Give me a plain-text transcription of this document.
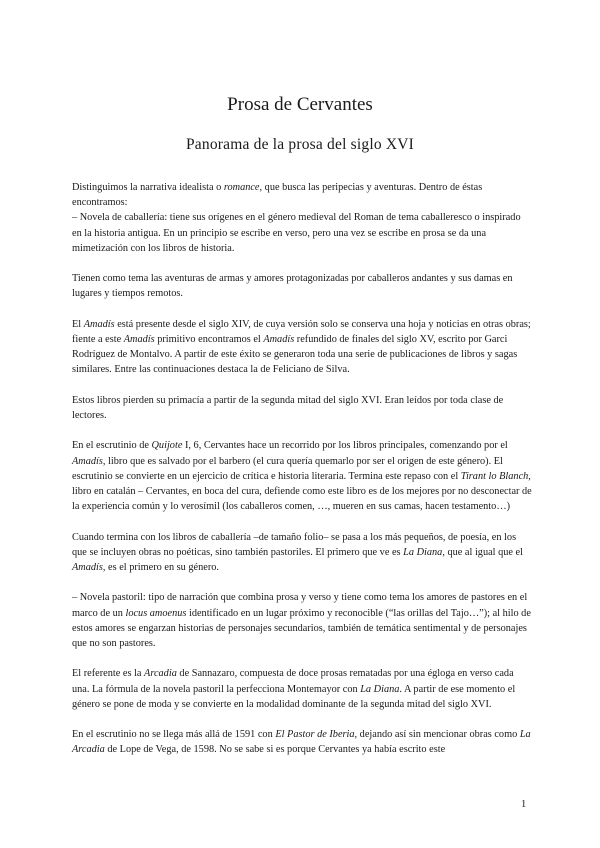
Prosa de Cervantes
Panorama de la prosa del siglo XVI

Distinguimos la narrativa idealista o romance, que busca las peripecias y aventuras. Dentro de éstas encontramos:

– Novela de caballería: tiene sus orígenes en el género medieval del Roman de tema caballeresco o inspirado en la historia antigua. En un principio se escribe en verso, pero una vez se escribe en prosa se da una mimetización con los libros de historia.

Tienen como tema las aventuras de armas y amores protagonizadas por caballeros andantes y sus damas en lugares y tiempos remotos.

El Amadís está presente desde el siglo XIV, de cuya versión solo se conserva una hoja y noticias en otras obras; fiente a este Amadís primitivo encontramos el Amadís refundido de finales del siglo XV, escrito por Garci Rodríguez de Montalvo. A partir de este éxito se generaron toda una serie de publicaciones de libros y sagas similares. Entre las continuaciones destaca la de Feliciano de Silva.

Estos libros pierden su primacía a partir de la segunda mitad del siglo XVI. Eran leídos por toda clase de lectores.

En el escrutinio de Quijote I, 6, Cervantes hace un recorrido por los libros principales, comenzando por el Amadís, libro que es salvado por el barbero (el cura quería quemarlo por ser el origen de este género). El escrutinio se convierte en un ejercicio de crítica e historia literaria. Termina este repaso con el Tirant lo Blanch, libro en catalán – Cervantes, en boca del cura, defiende como este libro es de los mejores por no desconectar de la experiencia común y lo verosímil (los caballeros comen, …, mueren en sus camas, hacen testamento…)

Cuando termina con los libros de caballería –de tamaño folio– se pasa a los más pequeños, de poesía, en los que se incluyen obras no poéticas, sino también pastoriles. El primero que ve es La Diana, que al igual que el Amadís, es el primero en su género.

– Novela pastoril: tipo de narración que combina prosa y verso y tiene como tema los amores de pastores en el marco de un locus amoenus identificado en un lugar próximo y reconocible (“las orillas del Tajo…”); al hilo de estos amores se engarzan historias de personajes secundarios, también de temática sentimental y de personajes que no son pastores.

El referente es la Arcadia de Sannazaro, compuesta de doce prosas rematadas por una égloga en verso cada una. La fórmula de la novela pastoril la perfecciona Montemayor con La Diana. A partir de ese momento el género se pone de moda y se convierte en la modalidad dominante de la segunda mitad del siglo XVI.

En el escrutinio no se llega más allá de 1591 con El Pastor de Iberia, dejando así sin mencionar obras como La Arcadia de Lope de Vega, de 1598. No se sabe si es porque Cervantes ya había escrito este

1
